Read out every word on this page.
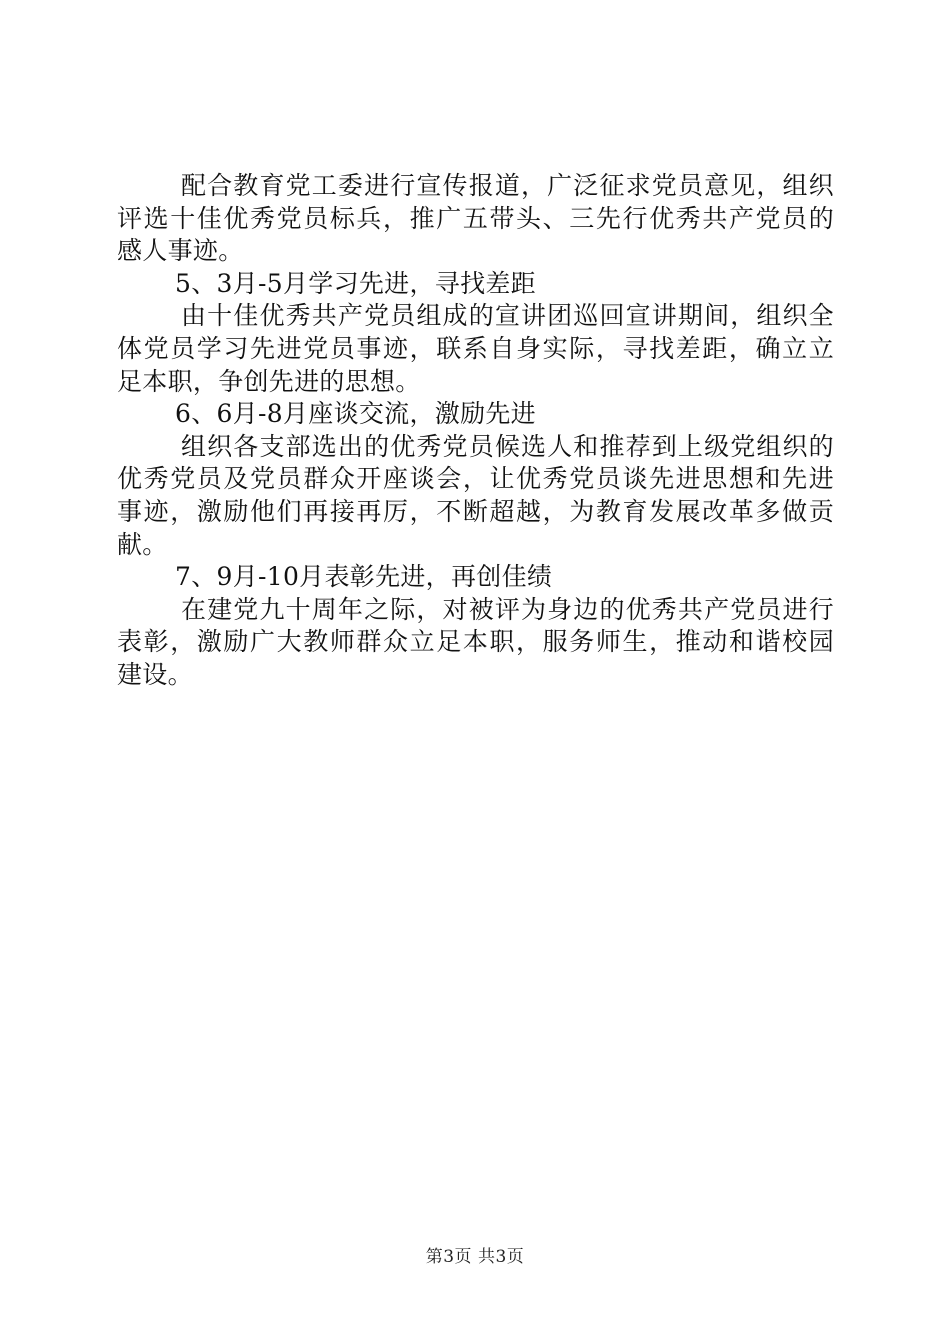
配合教育党工委进行宣传报道，广泛征求党员意见，组织
评选十佳优秀党员标兵，推广五带头、三先行优秀共产党员的
感人事迹。
5、3月-5月学习先进，寻找差距
由十佳优秀共产党员组成的宣讲团巡回宣讲期间，组织全
体党员学习先进党员事迹，联系自身实际，寻找差距，确立立
足本职，争创先进的思想。
6、6月-8月座谈交流，激励先进
组织各支部选出的优秀党员候选人和推荐到上级党组织的
优秀党员及党员群众开座谈会，让优秀党员谈先进思想和先进
事迹，激励他们再接再厉，不断超越，为教育发展改革多做贡
献。
7、9月-10月表彰先进，再创佳绩
在建党九十周年之际，对被评为身边的优秀共产党员进行
表彰，激励广大教师群众立足本职，服务师生，推动和谐校园
建设。
第3页 共3页
